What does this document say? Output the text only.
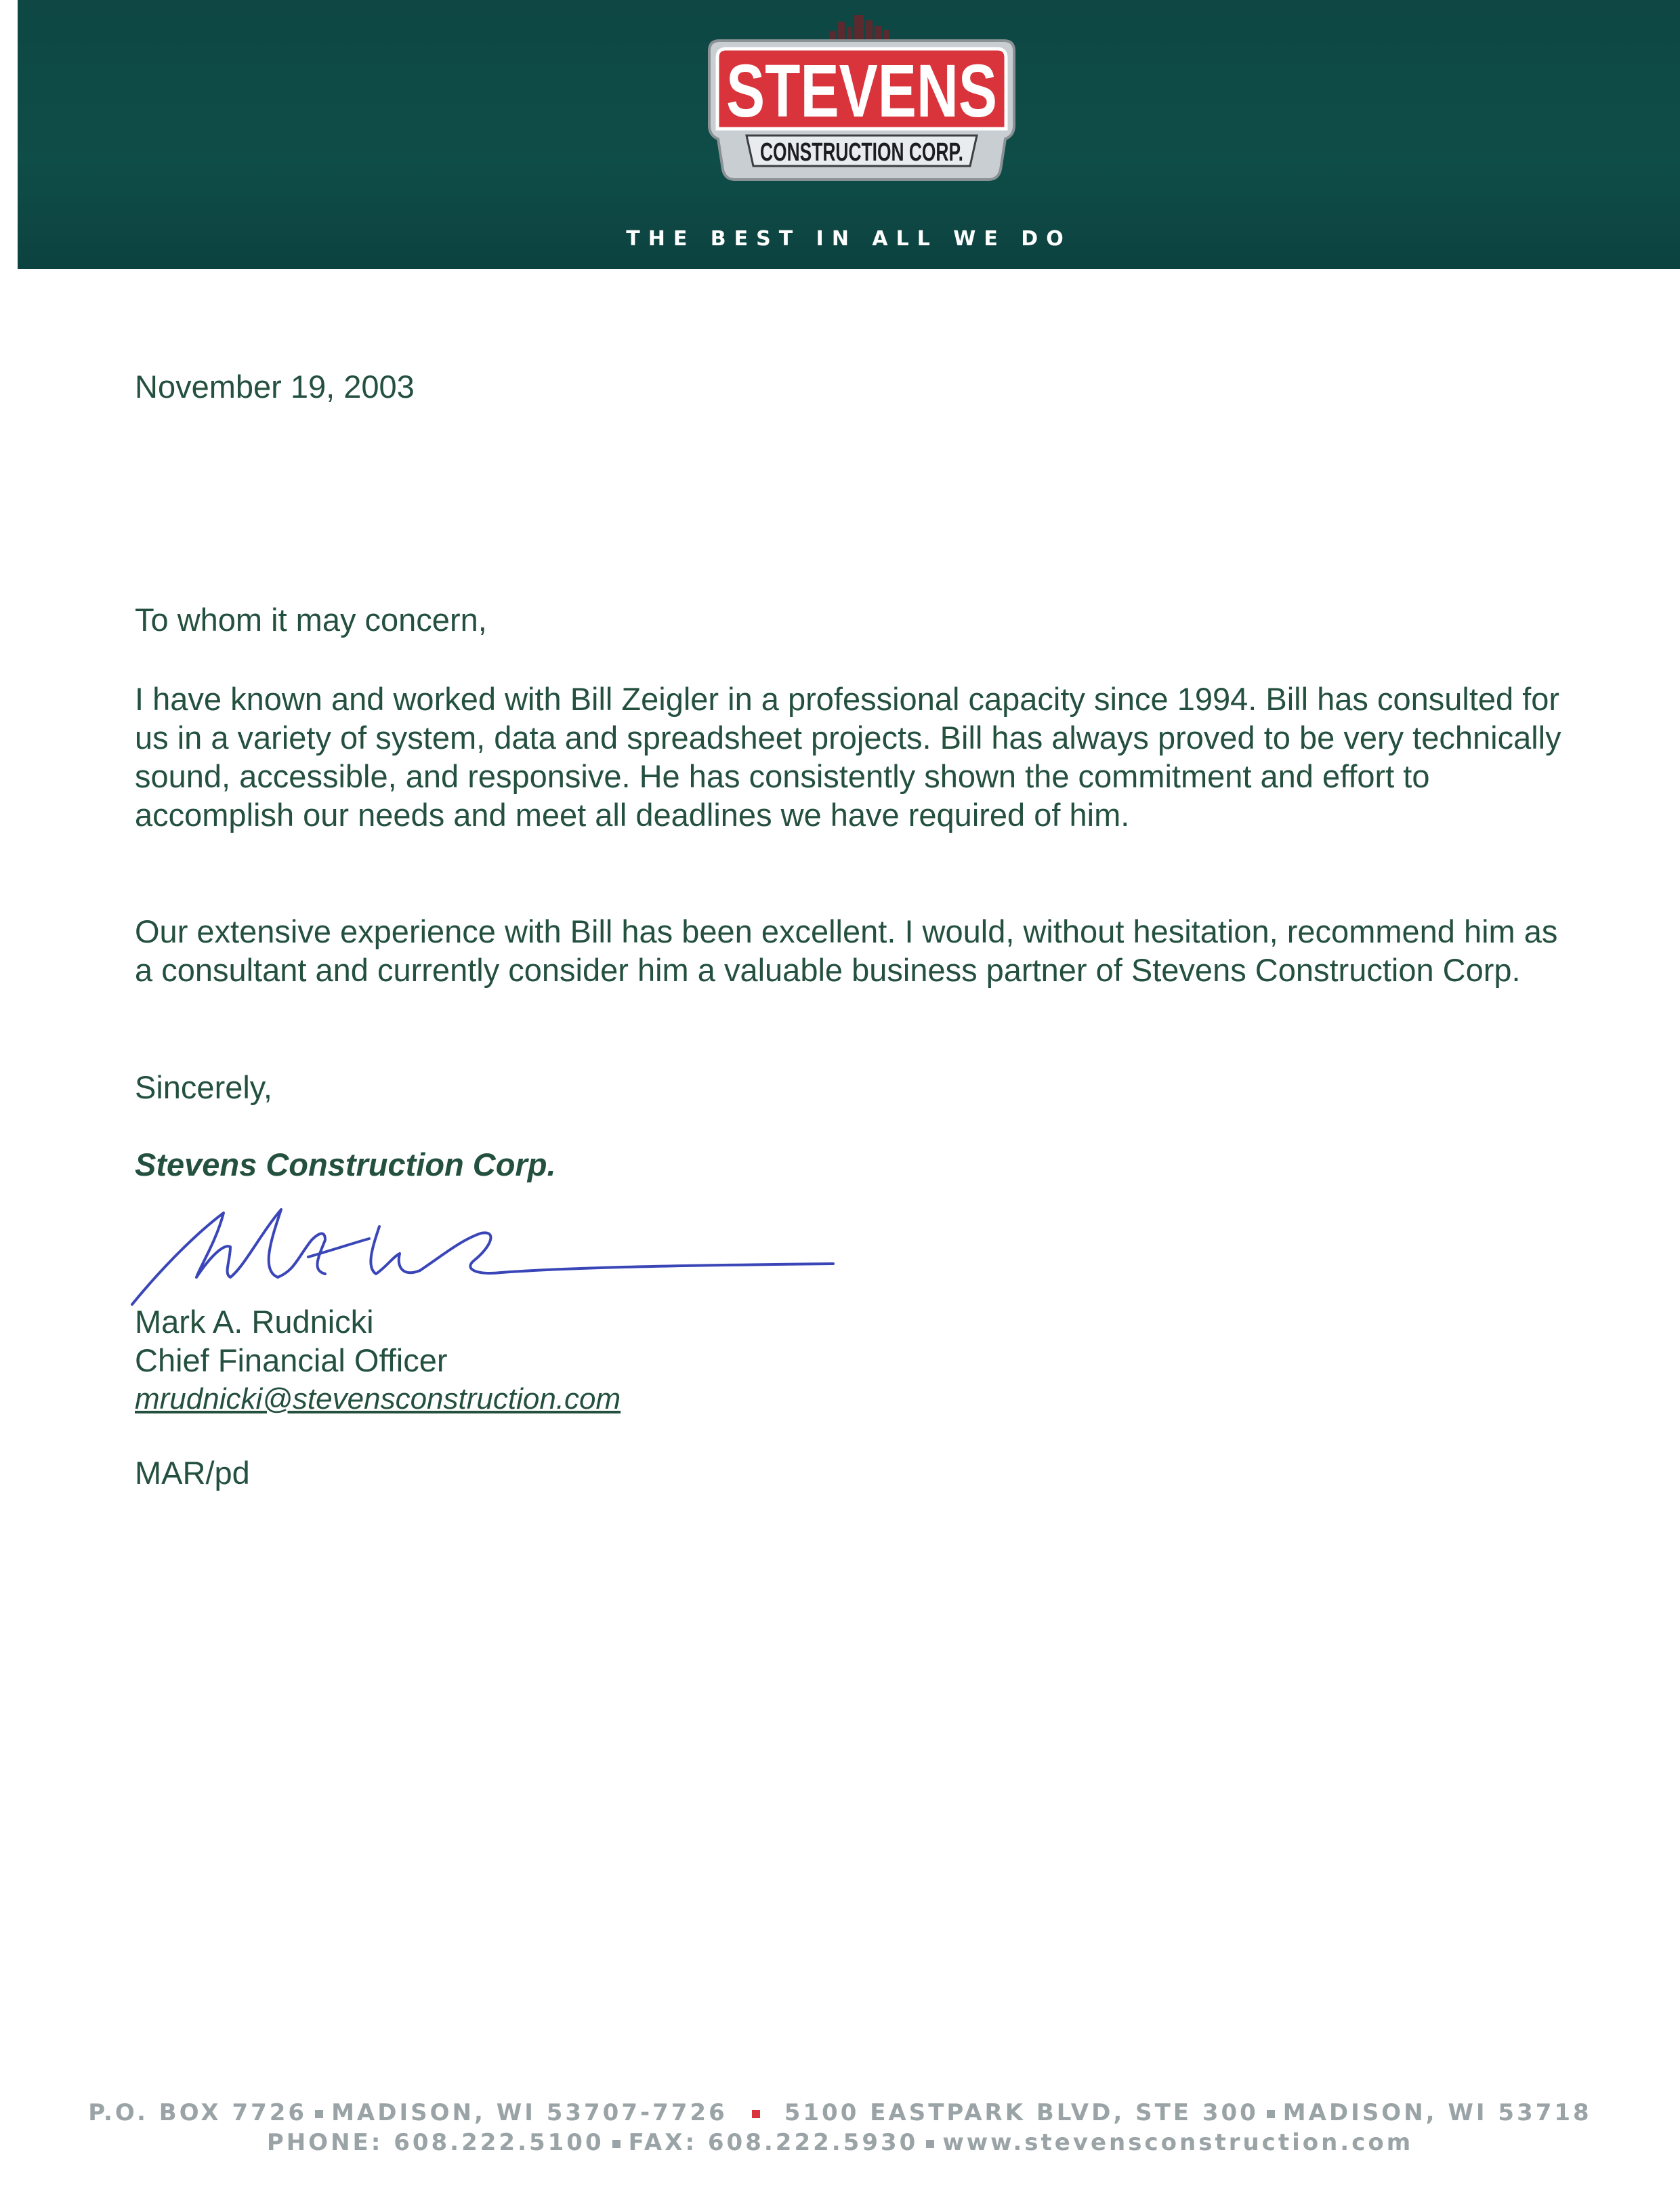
STEVENS
CONSTRUCTION CORP.
THE BEST IN ALL WE DO
November 19, 2003
To whom it may concern,
I have known and worked with Bill Zeigler in a professional capacity since 1994. Bill has consulted for us in a variety of system, data and spreadsheet projects. Bill has always proved to be very technically sound, accessible, and responsive. He has consistently shown the commitment and effort to accomplish our needs and meet all deadlines we have required of him.
Our extensive experience with Bill has been excellent. I would, without hesitation, recommend him as a consultant and currently consider him a valuable business partner of Stevens Construction Corp.
Sincerely,
Stevens Construction Corp.
Mark A. Rudnicki
Chief Financial Officer
mrudnicki@stevensconstruction.com
MAR/pd
P.O. BOX 7726 MADISON, WI 53707-7726 5100 EASTPARK BLVD, STE 300 MADISON, WI 53718
PHONE: 608.222.5100 FAX: 608.222.5930 www.stevensconstruction.com
